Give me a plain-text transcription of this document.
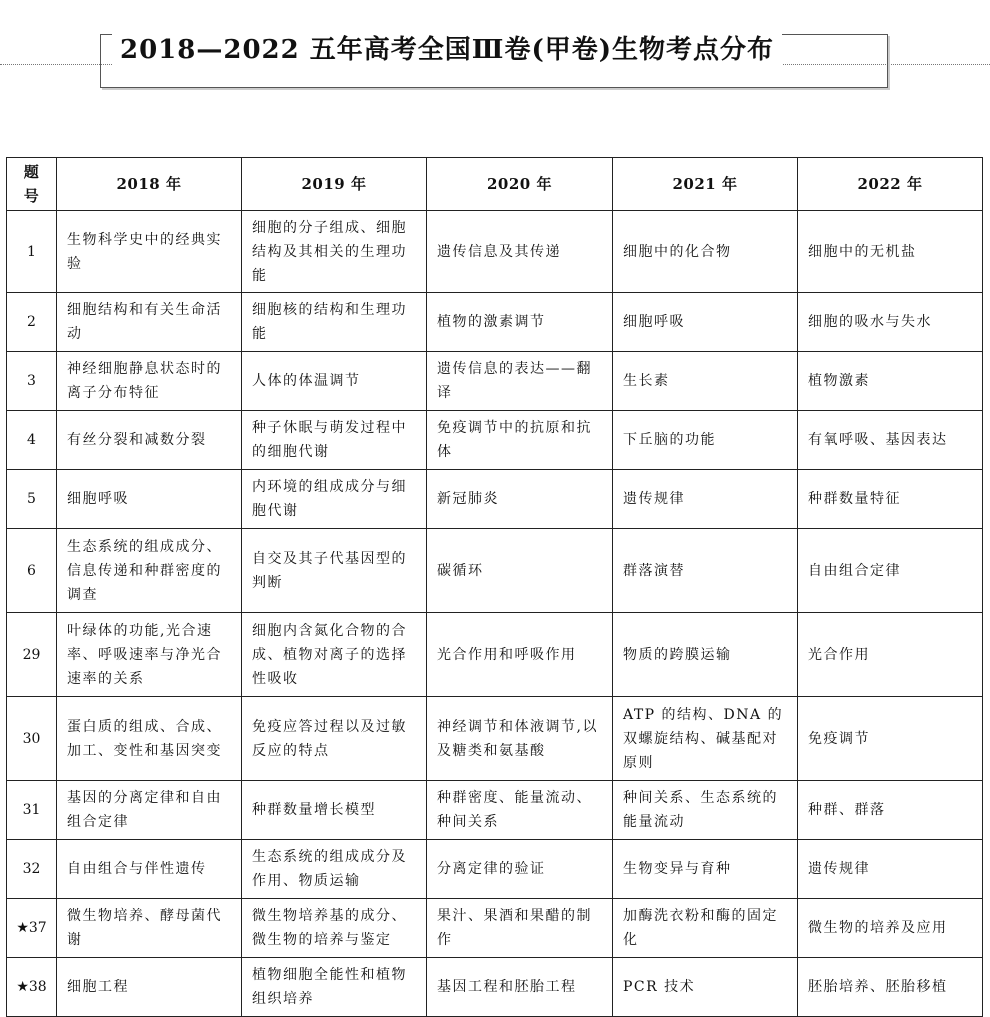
2018—2022 五年高考全国Ⅲ卷(甲卷)生物考点分布
题号	2018 年	2019 年	2020 年	2021 年	2022 年
1	生物科学史中的经典实验	细胞的分子组成、细胞结构及其相关的生理功能	遗传信息及其传递	细胞中的化合物	细胞中的无机盐
2	细胞结构和有关生命活动	细胞核的结构和生理功能	植物的激素调节	细胞呼吸	细胞的吸水与失水
3	神经细胞静息状态时的离子分布特征	人体的体温调节	遗传信息的表达——翻译	生长素	植物激素
4	有丝分裂和减数分裂	种子休眠与萌发过程中的细胞代谢	免疫调节中的抗原和抗体	下丘脑的功能	有氧呼吸、基因表达
5	细胞呼吸	内环境的组成成分与细胞代谢	新冠肺炎	遗传规律	种群数量特征
6	生态系统的组成成分、信息传递和种群密度的调查	自交及其子代基因型的判断	碳循环	群落演替	自由组合定律
29	叶绿体的功能,光合速率、呼吸速率与净光合速率的关系	细胞内含氮化合物的合成、植物对离子的选择性吸收	光合作用和呼吸作用	物质的跨膜运输	光合作用
30	蛋白质的组成、合成、加工、变性和基因突变	免疫应答过程以及过敏反应的特点	神经调节和体液调节,以及糖类和氨基酸	ATP 的结构、DNA 的双螺旋结构、碱基配对原则	免疫调节
31	基因的分离定律和自由组合定律	种群数量增长模型	种群密度、能量流动、种间关系	种间关系、生态系统的能量流动	种群、群落
32	自由组合与伴性遗传	生态系统的组成成分及作用、物质运输	分离定律的验证	生物变异与育种	遗传规律
★37	微生物培养、酵母菌代谢	微生物培养基的成分、微生物的培养与鉴定	果汁、果酒和果醋的制作	加酶洗衣粉和酶的固定化	微生物的培养及应用
★38	细胞工程	植物细胞全能性和植物组织培养	基因工程和胚胎工程	PCR 技术	胚胎培养、胚胎移植
